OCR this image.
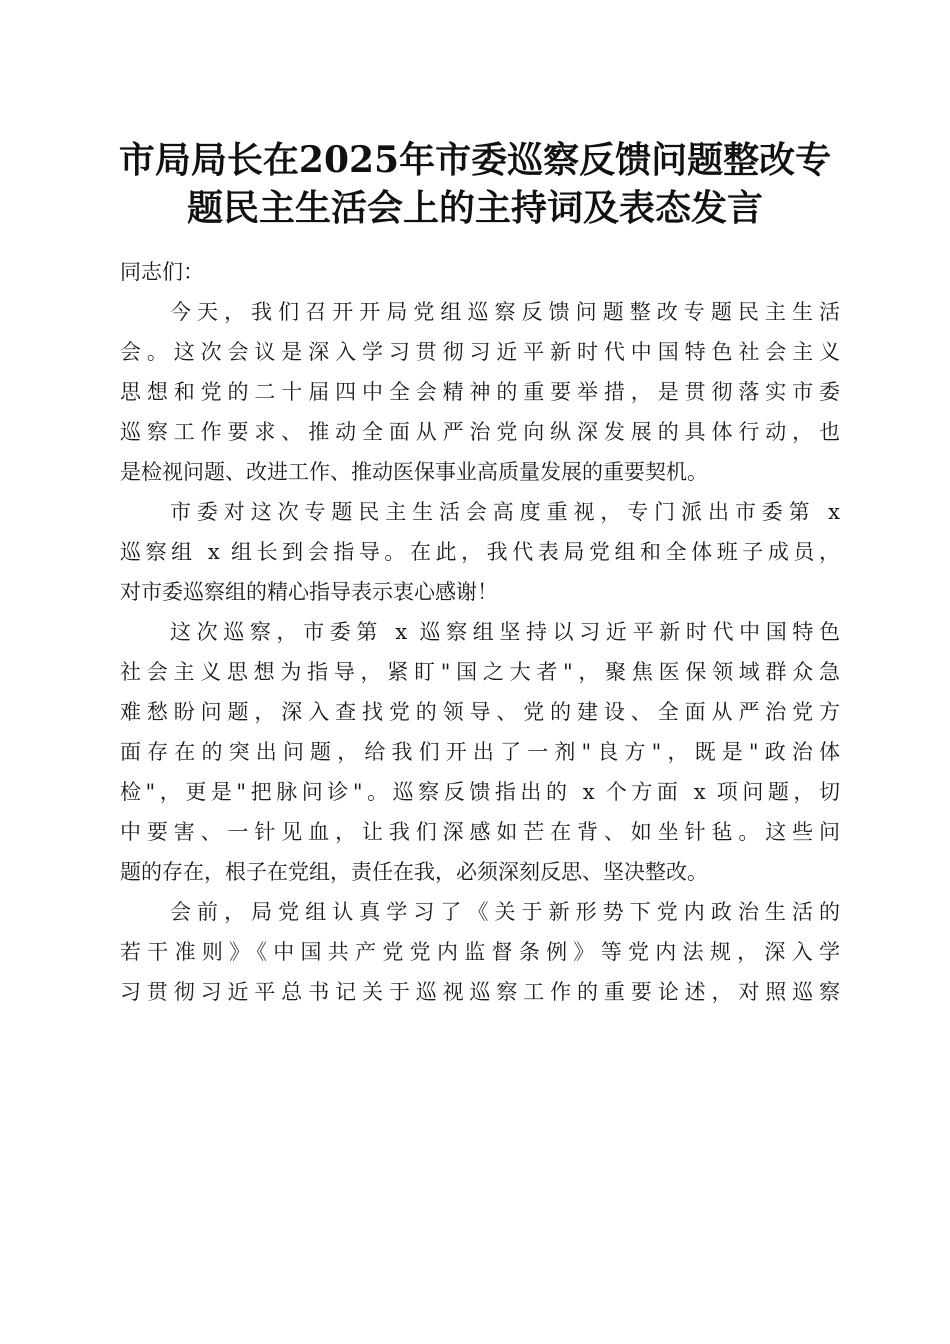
市局局长在2025年市委巡察反馈问题整改专
题民主生活会上的主持词及表态发言
同志们：
今天，我们召开开局党组巡察反馈问题整改专题民主生活
会。这次会议是深入学习贯彻习近平新时代中国特色社会主义
思想和党的二十届四中全会精神的重要举措，是贯彻落实市委
巡察工作要求、推动全面从严治党向纵深发展的具体行动，也
是检视问题、改进工作、推动医保事业高质量发展的重要契机。
市委对这次专题民主生活会高度重视，专门派出市委第 x
巡察组 x 组长到会指导。在此，我代表局党组和全体班子成员，
对市委巡察组的精心指导表示衷心感谢！
这次巡察，市委第 x 巡察组坚持以习近平新时代中国特色
社会主义思想为指导，紧盯"国之大者"，聚焦医保领域群众急
难愁盼问题，深入查找党的领导、党的建设、全面从严治党方
面存在的突出问题，给我们开出了一剂"良方"，既是"政治体
检"，更是"把脉问诊"。巡察反馈指出的 x 个方面 x 项问题，切
中要害、一针见血，让我们深感如芒在背、如坐针毡。这些问
题的存在，根子在党组，责任在我，必须深刻反思、坚决整改。
会前，局党组认真学习了《关于新形势下党内政治生活的
若干准则》《中国共产党党内监督条例》等党内法规，深入学
习贯彻习近平总书记关于巡视巡察工作的重要论述，对照巡察
